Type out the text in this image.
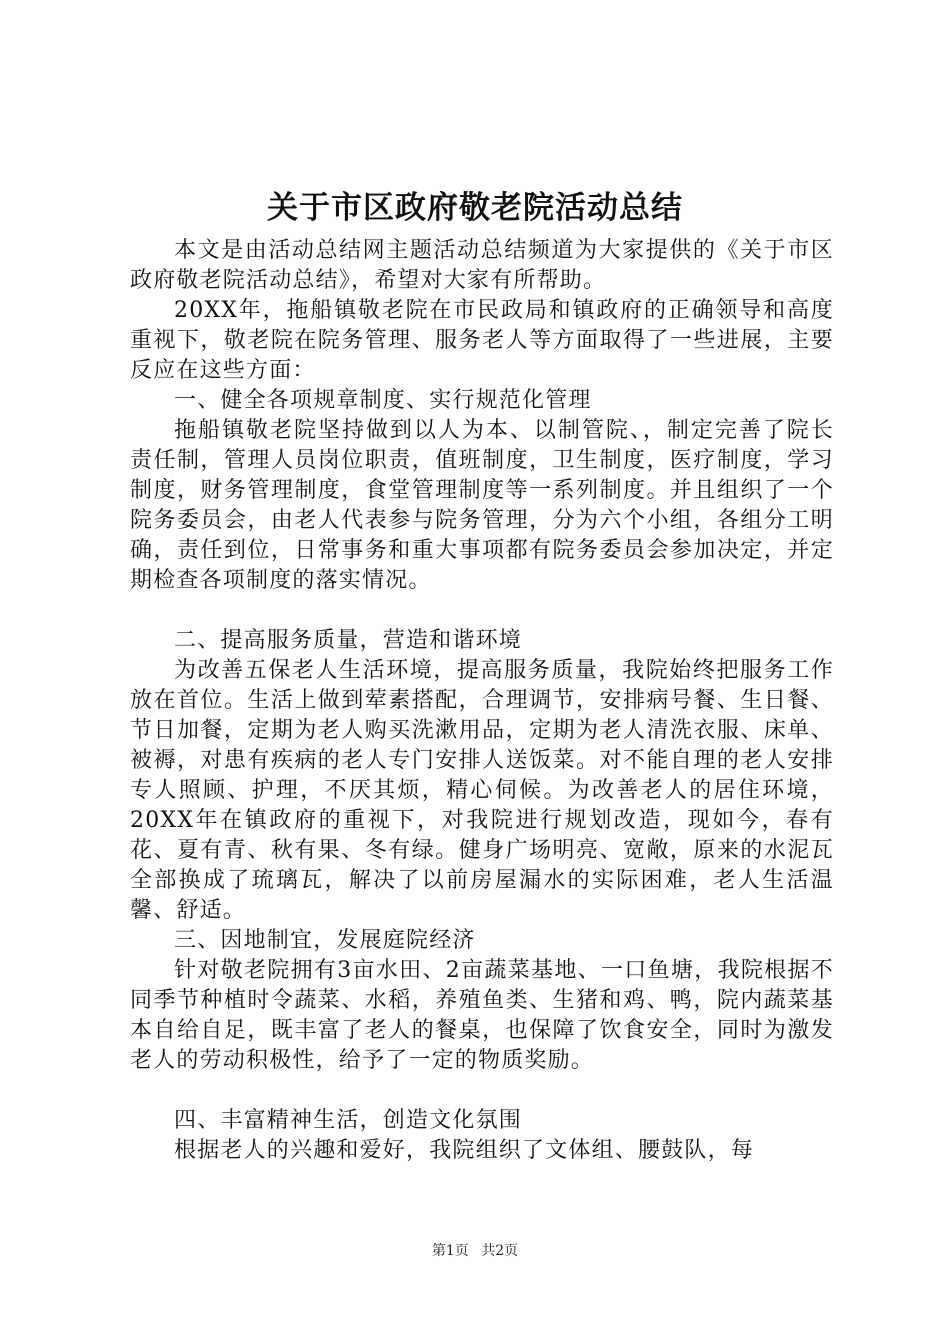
关于市区政府敬老院活动总结

本文是由活动总结网主题活动总结频道为大家提供的《关于市区政府敬老院活动总结》，希望对大家有所帮助。

20XX年，拖船镇敬老院在市民政局和镇政府的正确领导和高度重视下，敬老院在院务管理、服务老人等方面取得了一些进展，主要反应在这些方面：

一、健全各项规章制度、实行规范化管理

拖船镇敬老院坚持做到以人为本、以制管院、，制定完善了院长责任制，管理人员岗位职责，值班制度，卫生制度，医疗制度，学习制度，财务管理制度，食堂管理制度等一系列制度。并且组织了一个院务委员会，由老人代表参与院务管理，分为六个小组，各组分工明确，责任到位，日常事务和重大事项都有院务委员会参加决定，并定期检查各项制度的落实情况。

二、提高服务质量，营造和谐环境

为改善五保老人生活环境，提高服务质量，我院始终把服务工作放在首位。生活上做到荤素搭配，合理调节，安排病号餐、生日餐、节日加餐，定期为老人购买洗漱用品，定期为老人清洗衣服、床单、被褥，对患有疾病的老人专门安排人送饭菜。对不能自理的老人安排专人照顾、护理，不厌其烦，精心伺候。为改善老人的居住环境，20XX年在镇政府的重视下，对我院进行规划改造，现如今，春有花、夏有青、秋有果、冬有绿。健身广场明亮、宽敞，原来的水泥瓦全部换成了琉璃瓦，解决了以前房屋漏水的实际困难，老人生活温馨、舒适。

三、因地制宜，发展庭院经济

针对敬老院拥有3亩水田、2亩蔬菜基地、一口鱼塘，我院根据不同季节种植时令蔬菜、水稻，养殖鱼类、生猪和鸡、鸭，院内蔬菜基本自给自足，既丰富了老人的餐桌，也保障了饮食安全，同时为激发老人的劳动积极性，给予了一定的物质奖励。

四、丰富精神生活，创造文化氛围

根据老人的兴趣和爱好，我院组织了文体组、腰鼓队，每

第1页 共2页
